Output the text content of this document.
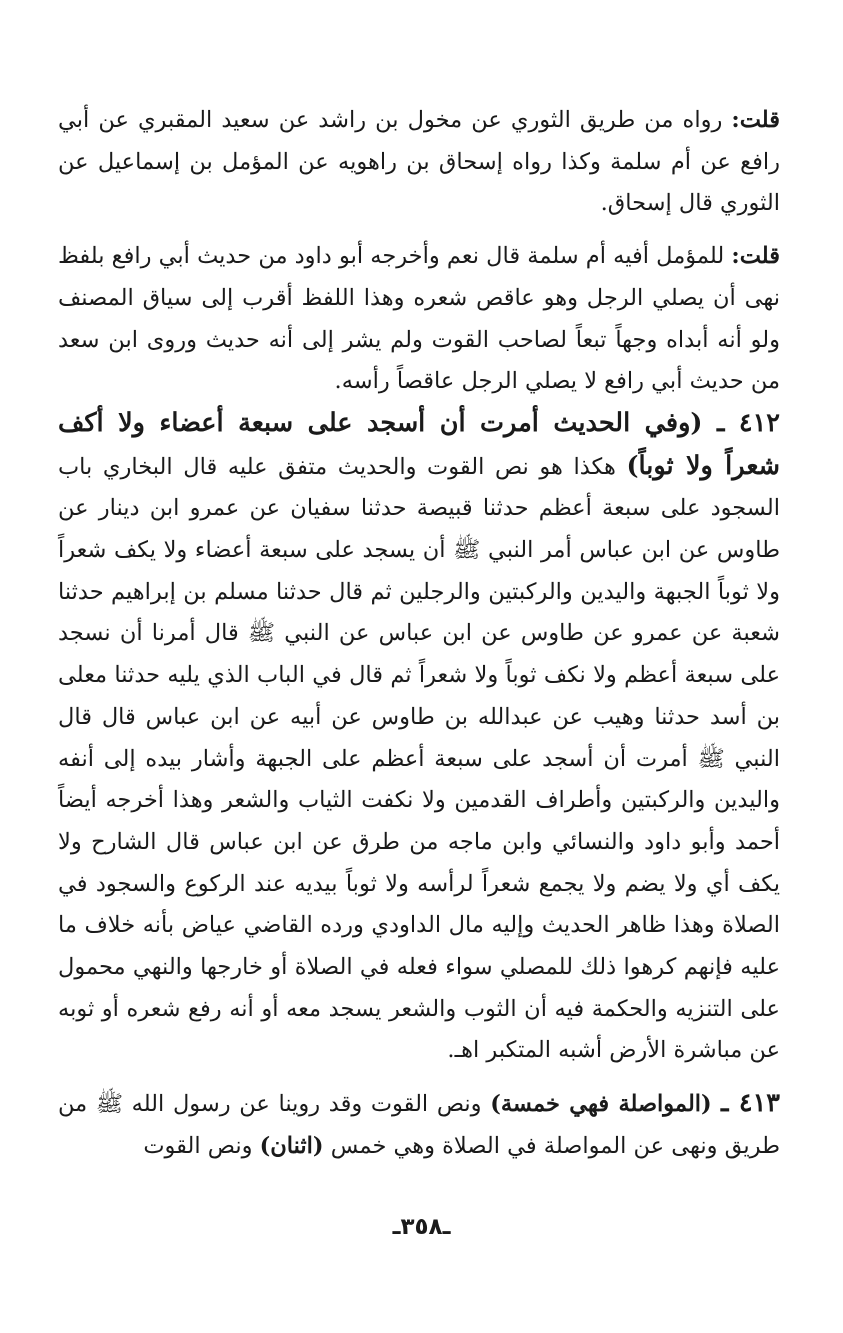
قلت: رواه من طريق الثوري عن مخول بن راشد عن سعيد المقبري عن أبي رافع عن أم سلمة وكذا رواه إسحاق بن راهويه عن المؤمل بن إسماعيل عن الثوري قال إسحاق.

قلت: للمؤمل أفيه أم سلمة قال نعم وأخرجه أبو داود من حديث أبي رافع بلفظ نهى أن يصلي الرجل وهو عاقص شعره وهذا اللفظ أقرب إلى سياق المصنف ولو أنه أبداه وجهاً تبعاً لصاحب القوت ولم يشر إلى أنه حديث وروى ابن سعد من حديث أبي رافع لا يصلي الرجل عاقصاً رأسه.

٤١٢ ـ (وفي الحديث أمرت أن أسجد على سبعة أعضاء ولا أكف شعراً ولا ثوباً) هكذا هو نص القوت والحديث متفق عليه قال البخاري باب السجود على سبعة أعظم حدثنا قبيصة حدثنا سفيان عن عمرو ابن دينار عن طاوس عن ابن عباس أمر النبي ﷺ أن يسجد على سبعة أعضاء ولا يكف شعراً ولا ثوباً الجبهة واليدين والركبتين والرجلين ثم قال حدثنا مسلم بن إبراهيم حدثنا شعبة عن عمرو عن طاوس عن ابن عباس عن النبي ﷺ قال أمرنا أن نسجد على سبعة أعظم ولا نكف ثوباً ولا شعراً ثم قال في الباب الذي يليه حدثنا معلى بن أسد حدثنا وهيب عن عبدالله بن طاوس عن أبيه عن ابن عباس قال قال النبي ﷺ أمرت أن أسجد على سبعة أعظم على الجبهة وأشار بيده إلى أنفه واليدين والركبتين وأطراف القدمين ولا نكفت الثياب والشعر وهذا أخرجه أيضاً أحمد وأبو داود والنسائي وابن ماجه من طرق عن ابن عباس قال الشارح ولا يكف أي ولا يضم ولا يجمع شعراً لرأسه ولا ثوباً بيديه عند الركوع والسجود في الصلاة وهذا ظاهر الحديث وإليه مال الداودي ورده القاضي عياض بأنه خلاف ما عليه فإنهم كرهوا ذلك للمصلي سواء فعله في الصلاة أو خارجها والنهي محمول على التنزيه والحكمة فيه أن الثوب والشعر يسجد معه أو أنه رفع شعره أو ثوبه عن مباشرة الأرض أشبه المتكبر اهـ.

٤١٣ ـ (المواصلة فهي خمسة) ونص القوت وقد روينا عن رسول الله ﷺ من طريق ونهى عن المواصلة في الصلاة وهي خمس (اثنان) ونص القوت

ـ٣٥٨ـ
